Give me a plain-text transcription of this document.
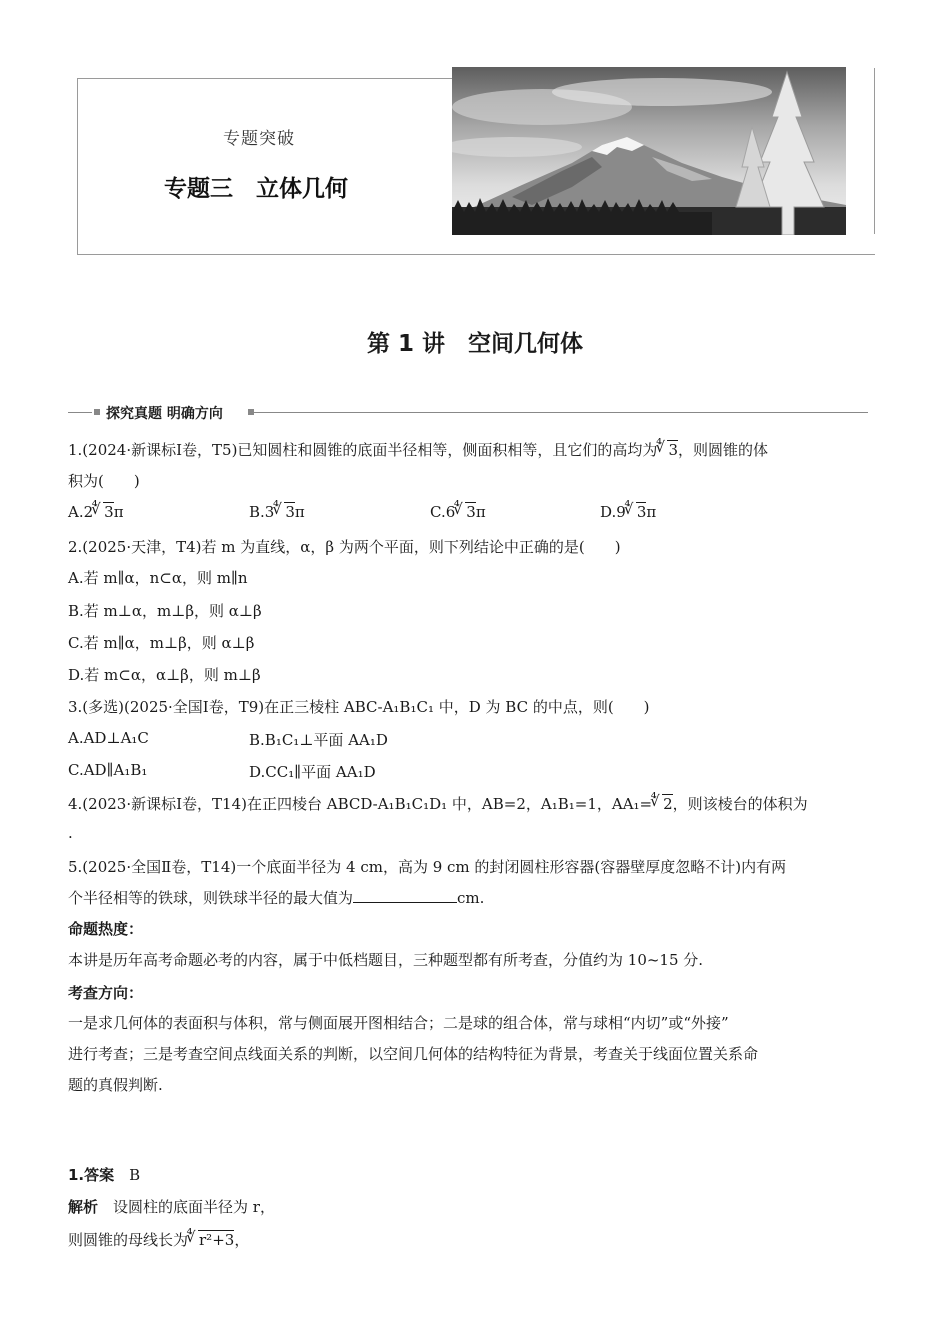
专题突破
专题三　立体几何
第 1 讲　空间几何体
探究真题 明确方向
1.(2024·新课标Ⅰ卷，T5)已知圆柱和圆锥的底面半径相等，侧面积相等，且它们的高均为 ∜ 3，则圆锥的体
积为(　　)
A.2 ∜ 3π	B.3 ∜ 3π	C.6 ∜ 3π	D.9 ∜ 3π
2.(2025·天津，T4)若 m 为直线，α，β 为两个平面，则下列结论中正确的是(　　)
A.若 m∥α，n⊂α，则 m∥n
B.若 m⊥α，m⊥β，则 α⊥β
C.若 m∥α，m⊥β，则 α⊥β
D.若 m⊂α，α⊥β，则 m⊥β
3.(多选)(2025·全国Ⅰ卷，T9)在正三棱柱 ABC-A₁B₁C₁ 中，D 为 BC 的中点，则(　　)
A.AD⊥A₁C	B.B₁C₁⊥平面 AA₁D
C.AD∥A₁B₁	D.CC₁∥平面 AA₁D
4.(2023·新课标Ⅰ卷，T14)在正四棱台 ABCD-A₁B₁C₁D₁ 中，AB=2，A₁B₁=1，AA₁= ∜ 2，则该棱台的体积为
.
5.(2025·全国Ⅱ卷，T14)一个底面半径为 4 cm，高为 9 cm 的封闭圆柱形容器(容器壁厚度忽略不计)内有两
个半径相等的铁球，则铁球半径的最大值为	cm.
命题热度：
本讲是历年高考命题必考的内容，属于中低档题目，三种题型都有所考查，分值约为 10~15 分.
考查方向：
一是求几何体的表面积与体积，常与侧面展开图相结合；二是球的组合体，常与球相“内切”或“外接”
进行考查；三是考查空间点线面关系的判断，以空间几何体的结构特征为背景，考查关于线面位置关系命
题的真假判断.
1.答案　 B
解析　 设圆柱的底面半径为 r，
则圆锥的母线长为 ∜ r²+3，
